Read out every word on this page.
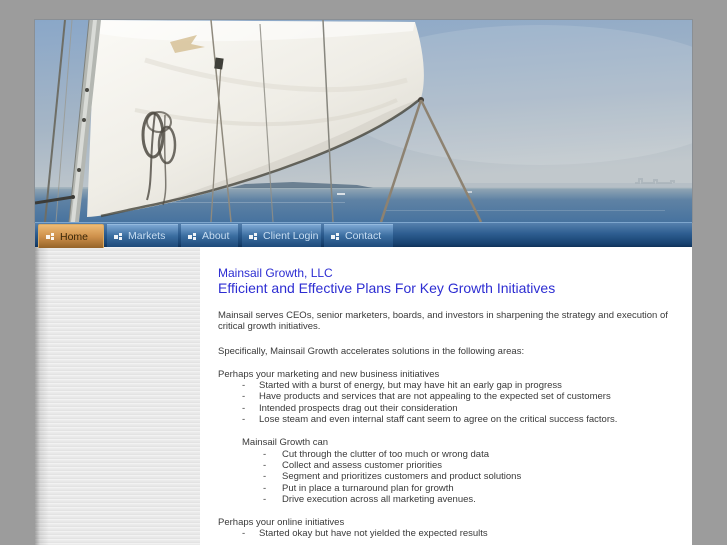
Home	Markets	About	Client Login	Contact
Mainsail Growth, LLC
Efficient and Effective Plans For Key Growth Initiatives

Mainsail serves CEOs, senior marketers, boards, and investors in sharpening the strategy and execution of critical growth initiatives.

Specifically, Mainsail Growth accelerates solutions in the following areas:

Perhaps your marketing and new business initiatives
- Started with a burst of energy, but may have hit an early gap in progress
- Have products and services that are not appealing to the expected set of customers
- Intended prospects drag out their consideration
- Lose steam and even internal staff cant seem to agree on the critical success factors.
Mainsail Growth can
- Cut through the clutter of too much or wrong data
- Collect and assess customer priorities
- Segment and prioritizes customers and product solutions
- Put in place a turnaround plan for growth
- Drive execution across all marketing avenues.
Perhaps your online initiatives
- Started okay but have not yielded the expected results
